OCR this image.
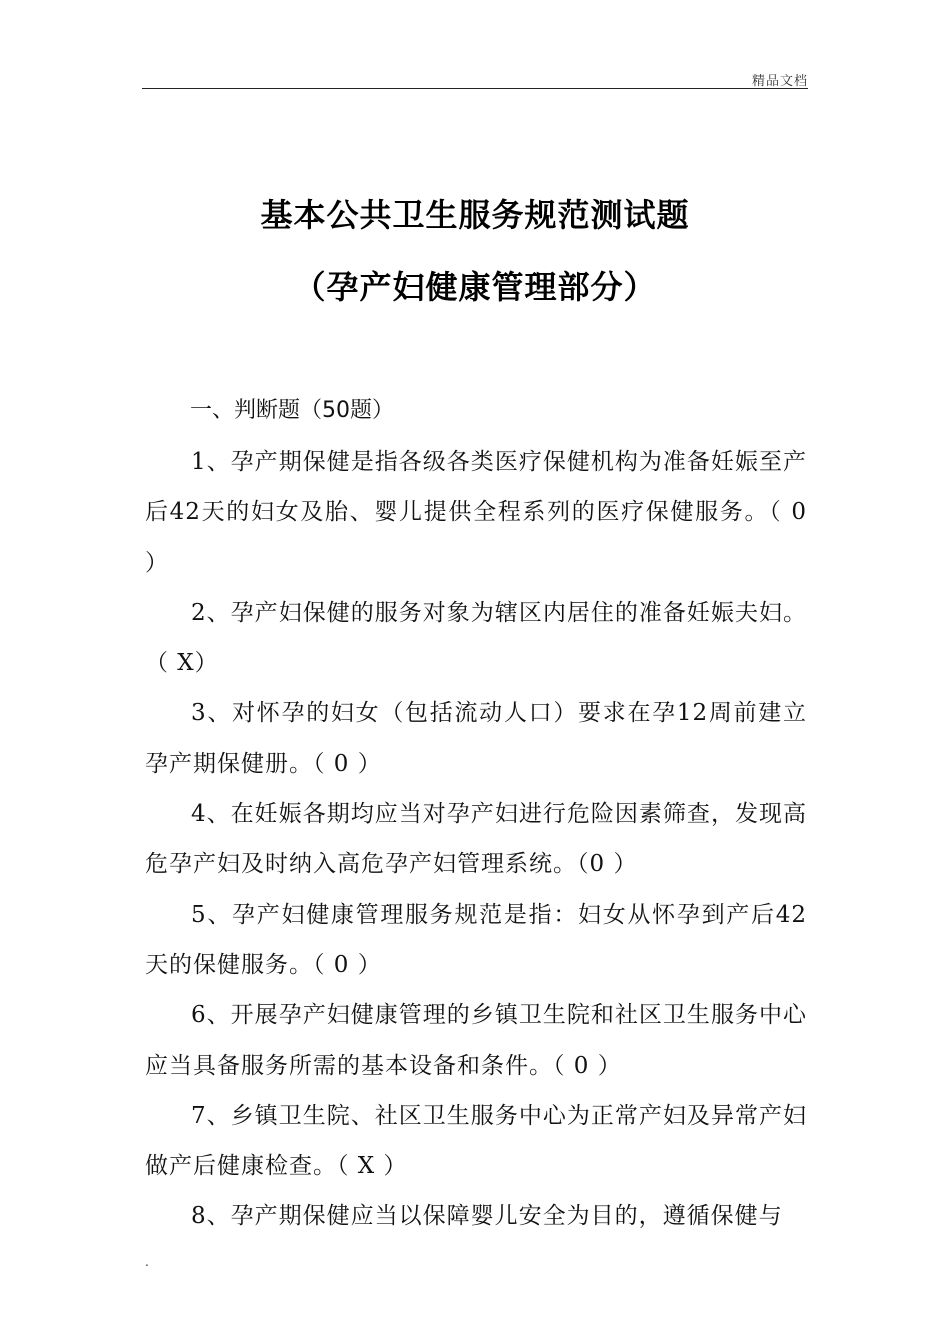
精品文档
基本公共卫生服务规范测试题
（孕产妇健康管理部分）
一、判断题（50题）

1、孕产期保健是指各级各类医疗保健机构为准备妊娠至产后42天的妇女及胎、婴儿提供全程系列的医疗保健服务。（ 0 ）

2、孕产妇保健的服务对象为辖区内居住的准备妊娠夫妇。（ X）

3、对怀孕的妇女（包括流动人口）要求在孕12周前建立孕产期保健册。（ 0 ）

4、在妊娠各期均应当对孕产妇进行危险因素筛查，发现高危孕产妇及时纳入高危孕产妇管理系统。（0 ）

5、孕产妇健康管理服务规范是指：妇女从怀孕到产后42天的保健服务。（ 0 ）

6、开展孕产妇健康管理的乡镇卫生院和社区卫生服务中心应当具备服务所需的基本设备和条件。（ 0 ）

7、乡镇卫生院、社区卫生服务中心为正常产妇及异常产妇做产后健康检查。（ X ）

8、孕产期保健应当以保障婴儿安全为目的，遵循保健与

.
